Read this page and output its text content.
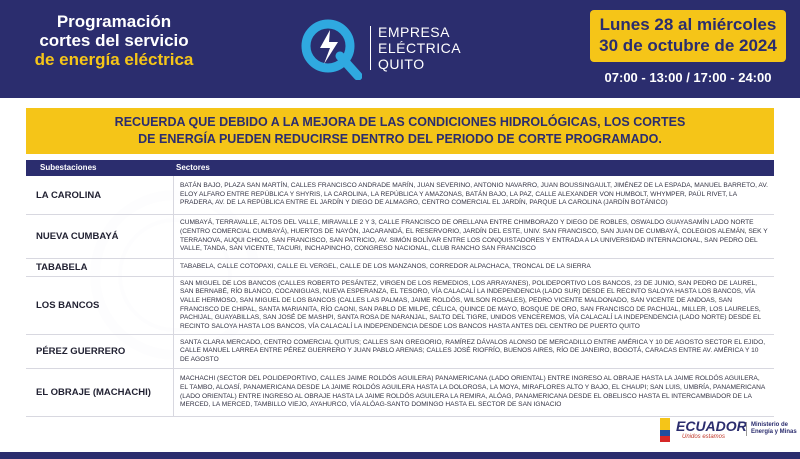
Programación
cortes del servicio
de energía eléctrica
EMPRESA
ELÉCTRICA
QUITO
Lunes 28 al miércoles
30 de octubre de 2024
07:00 - 13:00 / 17:00 - 24:00
RECUERDA QUE DEBIDO A LA MEJORA DE LAS CONDICIONES HIDROLÓGICAS, LOS CORTES
DE ENERGÍA PUEDEN REDUCIRSE DENTRO DEL PERIODO DE CORTE PROGRAMADO.
Subestaciones	Sectores
LA CAROLINA
BATÁN BAJO, PLAZA SAN MARTÍN, CALLES FRANCISCO ANDRADE MARÍN, JUAN SEVERINO, ANTONIO NAVARRO, JUAN BOUSSINGAULT, JIMÉNEZ DE LA ESPADA, MANUEL BARRETO, AV. ELOY ALFARO ENTRE REPÚBLICA Y SHYRIS, LA CAROLINA, LA REPÚBLICA Y AMAZONAS, BATÁN BAJO, LA PAZ, CALLE ALEXANDER VON HUMBOLT, WHYMPER, PAÚL RIVET, LA PRADERA, AV. DE LA REPÚBLICA ENTRE EL JARDÍN Y DIEGO DE ALMAGRO, CENTRO COMERCIAL EL JARDÍN, PARQUE LA CAROLINA (JARDÍN BOTÁNICO)
NUEVA CUMBAYÁ
CUMBAYÁ, TERRAVALLE, ALTOS DEL VALLE, MIRAVALLE 2 Y 3, CALLE FRANCISCO DE ORELLANA ENTRE CHIMBORAZO Y DIEGO DE ROBLES, OSWALDO GUAYASAMÍN LADO NORTE (CENTRO COMERCIAL CUMBAYÁ), HUERTOS DE NAYÓN, JACARANDÁ, EL RESERVORIO, JARDÍN DEL ESTE, UNIV. SAN FRANCISCO, SAN JUAN DE CUMBAYÁ, COLEGIOS ALEMÁN, SEK Y TERRANOVA, AUQUI CHICO, SAN FRANCISCO, SAN PATRICIO, AV. SIMÓN BOLÍVAR ENTRE LOS CONQUISTADORES Y ENTRADA A LA UNIVERSIDAD INTERNACIONAL, SAN PEDRO DEL VALLE, TANDA, SAN VICENTE, TACURI, INCHAPINCHO, CONGRESO NACIONAL, CLUB RANCHO SAN FRANCISCO
TABABELA	TABABELA, CALLE COTOPAXI, CALLE EL VERGEL, CALLE DE LOS MANZANOS, CORREDOR ALPACHACA, TRONCAL DE LA SIERRA
LOS BANCOS
SAN MIGUEL DE LOS BANCOS (CALLES ROBERTO PESÁNTEZ, VIRGEN DE LOS REMEDIOS, LOS ARRAYANES), POLIDEPORTIVO LOS BANCOS, 23 DE JUNIO, SAN PEDRO DE LAUREL, SAN BERNABÉ, RÍO BLANCO, COCANIGUAS, NUEVA ESPERANZA, EL TESORO, VÍA CALACALÍ LA INDEPENDENCIA (LADO SUR) DESDE EL RECINTO SALOYA HASTA LOS BANCOS, VÍA VALLE HERMOSO, SAN MIGUEL DE LOS BANCOS (CALLES LAS PALMAS, JAIME ROLDÓS, WILSON ROSALES), PEDRO VICENTE MALDONADO, SAN VICENTE DE ANDOAS, SAN FRANCISCO DE CHIPAL, SANTA MARIANITA, RÍO CAONI, SAN PABLO DE MILPE, CÉLICA, QUINCE DE MAYO, BOSQUE DE ORO, SAN FRANCISCO DE PACHIJAL, MILLER, LOS LAURELES, PACHIJAL, GUAYABILLAS, SAN JOSÉ DE MASHPI, SANTA ROSA DE NARANJAL, SALTO DEL TIGRE, UNIDOS VENCEREMOS, VÍA CALACALÍ LA INDEPENDENCIA (LADO NORTE) DESDE EL RECINTO SALOYA HASTA LOS BANCOS, VÍA CALACALÍ LA INDEPENDENCIA DESDE LOS BANCOS HASTA ANTES DEL CENTRO DE PUERTO QUITO
PÉREZ GUERRERO
SANTA CLARA MERCADO, CENTRO COMERCIAL QUITUS; CALLES SAN GREGORIO, RAMÍREZ DÁVALOS ALONSO DE MERCADILLO ENTRE AMÉRICA Y 10 DE AGOSTO SECTOR EL EJIDO, CALLE MANUEL LARREA ENTRE PÉREZ GUERRERO Y JUAN PABLO ARENAS; CALLES JOSÉ RIOFRÍO, BUENOS AIRES, RÍO DE JANEIRO, BOGOTÁ, CARACAS ENTRE AV. AMÉRICA Y 10 DE AGOSTO
EL OBRAJE (MACHACHI)
MACHACHI (SECTOR DEL POLIDEPORTIVO, CALLES JAIME ROLDÓS AGUILERA) PANAMERICANA (LADO ORIENTAL) ENTRE INGRESO AL OBRAJE HASTA LA JAIME ROLDÓS AGUILERA, EL TAMBO, ALOASÍ, PANAMERICANA DESDE LA JAIME ROLDÓS AGUILERA HASTA LA DOLOROSA, LA MOYA, MIRAFLORES ALTO Y BAJO, EL CHAUPI; SAN LUIS, UMBRÍA, PANAMERICANA (LADO ORIENTAL) ENTRE INGRESO AL OBRAJE HASTA LA JAIME ROLDÓS AGUILERA LA REMIRA, ALÓAG, PANAMERICANA DESDE EL OBELISCO HASTA EL INTERCAMBIADOR DE LA MERCED, LA MERCED, TAMBILLO VIEJO, AYAHURCO, VÍA ALÓAG-SANTO DOMINGO HASTA EL SECTOR DE SAN IGNACIO
ECUADOR
Unidos estamos
Ministerio de
Energía y Minas
